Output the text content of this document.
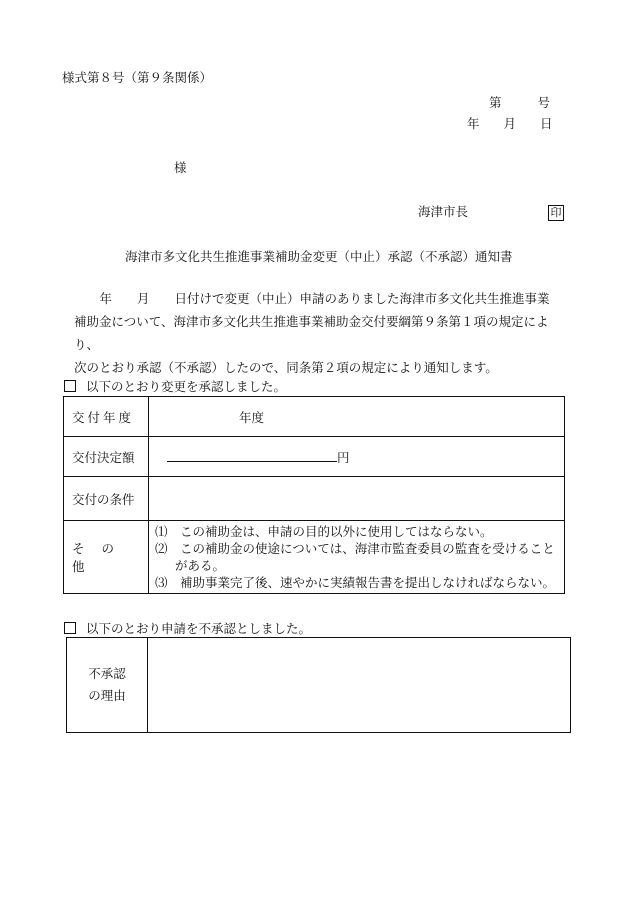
様式第８号（第９条関係）
第	号
年 月 日
様
海津市長	印
海津市多文化共生推進事業補助金変更（中止）承認（不承認）通知書

　　　年　　月　　日付けで変更（中止）申請のありました海津市多文化共生推進事業

補助金について、海津市多文化共生推進事業補助金交付要綱第９条第１項の規定により、

次のとおり承認（不承認）したので、同条第２項の規定により通知します。

以下のとおり変更を承認しました。
交付年度	年度
交付決定額	円
交付の条件	
その他	⑴　この補助金は、申請の目的以外に使用してはならない。
⑵　この補助金の使途については、海津市監査委員の監査を受けることがある。
⑶　補助事業完了後、速やかに実績報告書を提出しなければならない。
以下のとおり申請を不承認としました。
不承認
の理由
